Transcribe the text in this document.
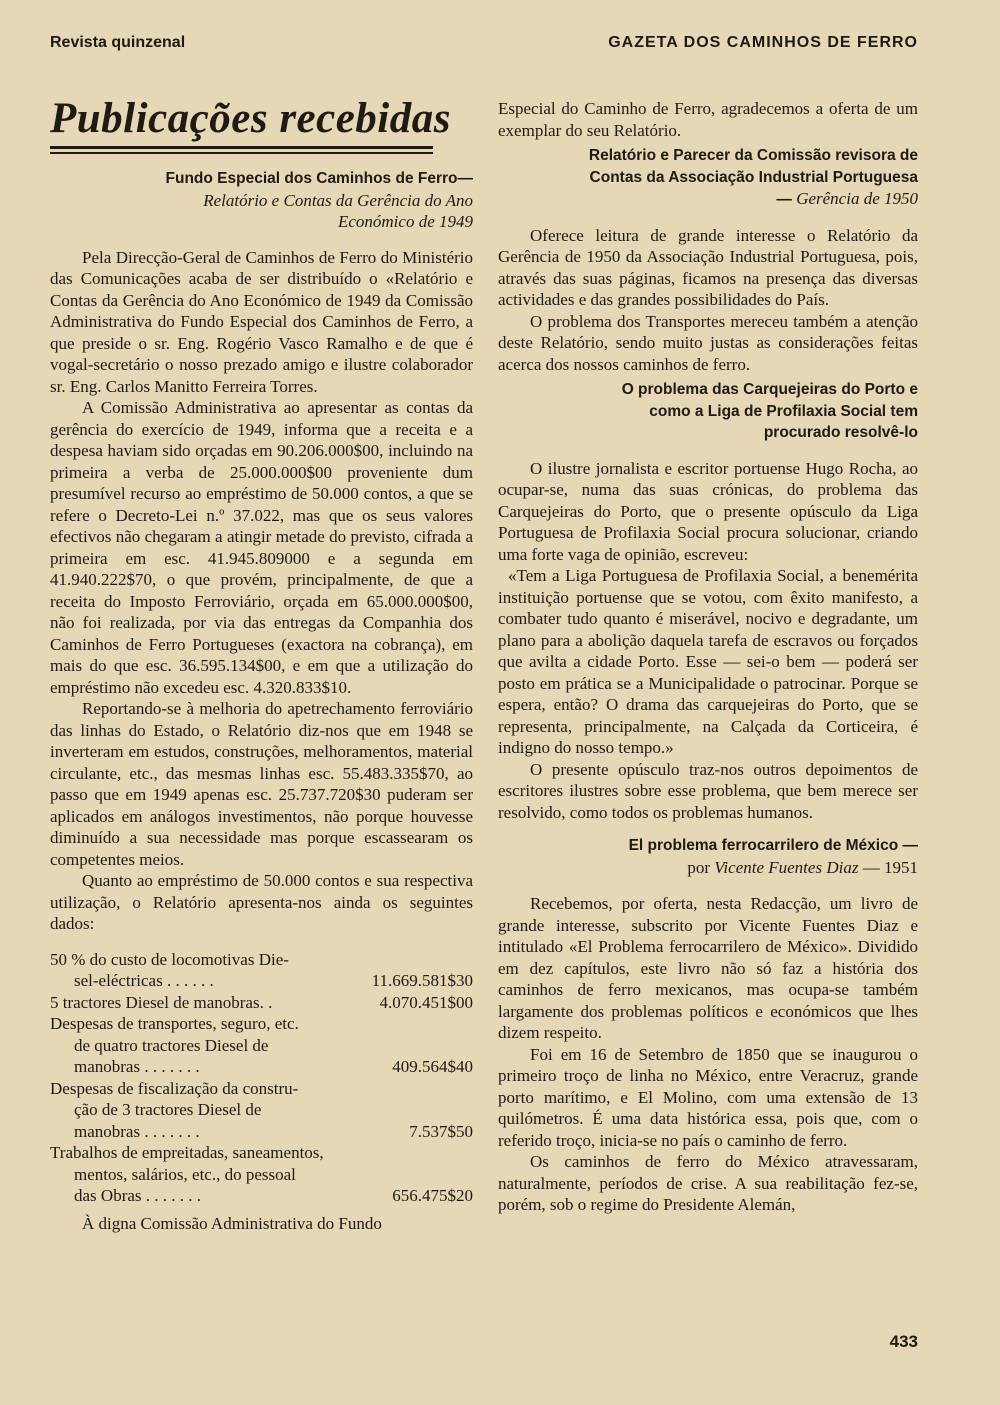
Revista quinzenal	GAZETA DOS CAMINHOS DE FERRO
Publicações recebidas
Fundo Especial dos Caminhos de Ferro—
Relatório e Contas da Gerência do Ano Económico de 1949

Pela Direcção-Geral de Caminhos de Ferro do Ministério das Comunicações acaba de ser distribuído o «Relatório e Contas da Gerência do Ano Económico de 1949 da Comissão Administrativa do Fundo Especial dos Caminhos de Ferro, a que preside o sr. Eng. Rogério Vasco Ramalho e de que é vogal-secretário o nosso prezado amigo e ilustre colaborador sr. Eng. Carlos Manitto Ferreira Torres.

A Comissão Administrativa ao apresentar as contas da gerência do exercício de 1949, informa que a receita e a despesa haviam sido orçadas em 90.206.000$00, incluindo na primeira a verba de 25.000.000$00 proveniente dum presumível recurso ao empréstimo de 50.000 contos, a que se refere o Decreto-Lei n.º 37.022, mas que os seus valores efectivos não chegaram a atingir metade do previsto, cifrada a primeira em esc. 41.945.809000 e a segunda em 41.940.222$70, o que provém, principalmente, de que a receita do Imposto Ferroviário, orçada em 65.000.000$00, não foi realizada, por via das entregas da Companhia dos Caminhos de Ferro Portugueses (exactora na cobrança), em mais do que esc. 36.595.134$00, e em que a utilização do empréstimo não excedeu esc. 4.320.833$10.

Reportando-se à melhoria do apetrechamento ferroviário das linhas do Estado, o Relatório diz-nos que em 1948 se inverteram em estudos, construções, melhoramentos, material circulante, etc., das mesmas linhas esc. 55.483.335$70, ao passo que em 1949 apenas esc. 25.737.720$30 puderam ser aplicados em análogos investimentos, não porque houvesse diminuído a sua necessidade mas porque escassearam os competentes meios.

Quanto ao empréstimo de 50.000 contos e sua respectiva utilização, o Relatório apresenta-nos ainda os seguintes dados:

50 % do custo de locomotivas Die-
sel-eléctricas . . . . . .	11.669.581$30
5 tractores Diesel de manobras. .	4.070.451$00
Despesas de transportes, seguro, etc.
de quatro tractores Diesel de
manobras . . . . . . .	409.564$40
Despesas de fiscalização da constru-
ção de 3 tractores Diesel de
manobras . . . . . . .	7.537$50
Trabalhos de empreitadas, saneamentos,
mentos, salários, etc., do pessoal
das Obras . . . . . . .	656.475$20

À digna Comissão Administrativa do Fundo

Especial do Caminho de Ferro, agradecemos a oferta de um exemplar do seu Relatório.

Relatório e Parecer da Comissão revisora de Contas da Associação Industrial Portuguesa — Gerência de 1950

Oferece leitura de grande interesse o Relatório da Gerência de 1950 da Associação Industrial Portuguesa, pois, através das suas páginas, ficamos na presença das diversas actividades e das grandes possibilidades do País.

O problema dos Transportes mereceu também a atenção deste Relatório, sendo muito justas as considerações feitas acerca dos nossos caminhos de ferro.

O problema das Carquejeiras do Porto e como a Liga de Profilaxia Social tem procurado resolvê-lo

O ilustre jornalista e escritor portuense Hugo Rocha, ao ocupar-se, numa das suas crónicas, do problema das Carquejeiras do Porto, que o presente opúsculo da Liga Portuguesa de Profilaxia Social procura solucionar, criando uma forte vaga de opinião, escreveu:

«Tem a Liga Portuguesa de Profilaxia Social, a benemérita instituição portuense que se votou, com êxito manifesto, a combater tudo quanto é miserável, nocivo e degradante, um plano para a abolição daquela tarefa de escravos ou forçados que avilta a cidade Porto. Esse — sei-o bem — poderá ser posto em prática se a Municipalidade o patrocinar. Porque se espera, então? O drama das carquejeiras do Porto, que se representa, principalmente, na Calçada da Corticeira, é indigno do nosso tempo.»

O presente opúsculo traz-nos outros depoimentos de escritores ilustres sobre esse problema, que bem merece ser resolvido, como todos os problemas humanos.

El problema ferrocarrilero de México —
por Vicente Fuentes Diaz — 1951

Recebemos, por oferta, nesta Redacção, um livro de grande interesse, subscrito por Vicente Fuentes Diaz e intitulado «El Problema ferrocarrilero de México». Dividido em dez capítulos, este livro não só faz a história dos caminhos de ferro mexicanos, mas ocupa-se também largamente dos problemas políticos e económicos que lhes dizem respeito.

Foi em 16 de Setembro de 1850 que se inaugurou o primeiro troço de linha no México, entre Veracruz, grande porto marítimo, e El Molino, com uma extensão de 13 quilómetros. É uma data histórica essa, pois que, com o referido troço, inicia-se no país o caminho de ferro.

Os caminhos de ferro do México atravessaram, naturalmente, períodos de crise. A sua reabilitação fez-se, porém, sob o regime do Presidente Alemán,

433
